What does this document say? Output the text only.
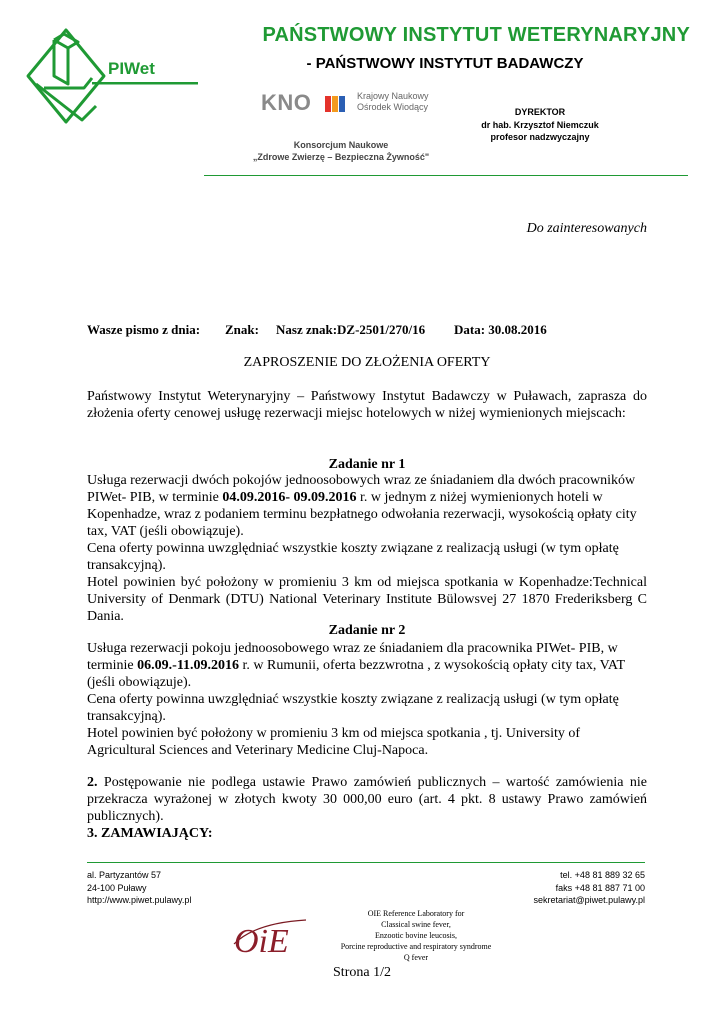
PIWet
PAŃSTWOWY INSTYTUT WETERYNARYJNY
- PAŃSTWOWY INSTYTUT BADAWCZY
KNO	Krajowy Naukowy
Ośrodek Wiodący
Konsorcjum Naukowe
„Zdrowe Zwierzę – Bezpieczna Żywność"
DYREKTOR
dr hab. Krzysztof Niemczuk
profesor nadzwyczajny
Do zainteresowanych
Wasze pismo z dnia: Znak: Nasz znak:DZ-2501/270/16 Data: 30.08.2016
ZAPROSZENIE DO ZŁOŻENIA OFERTY
Państwowy Instytut Weterynaryjny – Państwowy Instytut Badawczy w Puławach, zaprasza do złożenia oferty cenowej usługę rezerwacji miejsc hotelowych w niżej wymienionych miejscach:
Zadanie nr 1
Usługa rezerwacji dwóch pokojów jednoosobowych wraz ze śniadaniem dla dwóch pracowników PIWet- PIB, w terminie 04.09.2016- 09.09.2016 r. w jednym z niżej wymienionych hoteli w Kopenhadze, wraz z podaniem terminu bezpłatnego odwołania rezerwacji, wysokością opłaty city tax, VAT (jeśli obowiązuje).
Cena oferty powinna uwzględniać wszystkie koszty związane z realizacją usługi (w tym opłatę transakcyjną).
Hotel powinien być położony w promieniu 3 km od miejsca spotkania w Kopenhadze:Technical University of Denmark (DTU) National Veterinary Institute Bülowsvej 27 1870 Frederiksberg C Dania.
Zadanie nr 2
Usługa rezerwacji pokoju jednoosobowego wraz ze śniadaniem dla pracownika PIWet- PIB, w terminie 06.09.-11.09.2016 r. w Rumunii, oferta bezzwrotna , z wysokością opłaty city tax, VAT (jeśli obowiązuje).
Cena oferty powinna uwzględniać wszystkie koszty związane z realizacją usługi (w tym opłatę transakcyjną).
Hotel powinien być położony w promieniu 3 km od miejsca spotkania , tj. University of Agricultural Sciences and Veterinary Medicine Cluj-Napoca.
2. Postępowanie nie podlega ustawie Prawo zamówień publicznych – wartość zamówienia nie przekracza wyrażonej w złotych kwoty 30 000,00 euro (art. 4 pkt. 8 ustawy Prawo zamówień publicznych).
3. ZAMAWIAJĄCY:
al. Partyzantów 57
24-100 Puławy
http://www.piwet.pulawy.pl
tel. +48 81 889 32 65
faks +48 81 887 71 00
sekretariat@piwet.pulawy.pl
OiE
OIE Reference Laboratory for
Classical swine fever,
Enzootic bovine leucosis,
Porcine reproductive and respiratory syndrome
Q fever
Strona 1/2
